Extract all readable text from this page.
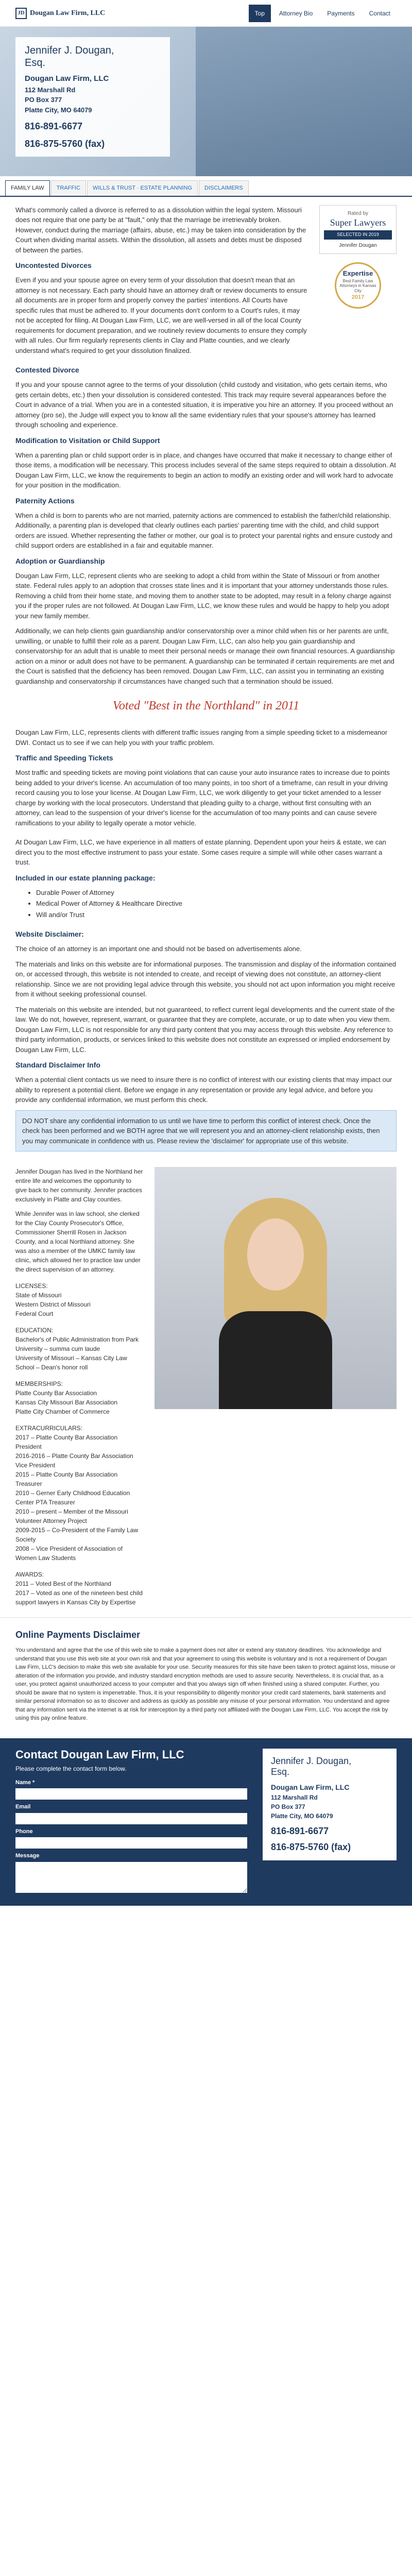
JD Dougan Law Firm, LLC	Top	Attorney Bio	Payments	Contact
Jennifer J. Dougan,
Esq.
Dougan Law Firm, LLC
112 Marshall Rd
PO Box 377
Platte City, MO 64079
816-891-6677
816-875-5760 (fax)
FAMILY LAW	TRAFFIC	WILLS & TRUST · ESTATE PLANNING	DISCLAIMERS
Rated by
Super Lawyers
SELECTED IN 2019
Jennifer Dougan
Expertise
Best Family Law Attorneys in Kansas City
2017

What's commonly called a divorce is referred to as a dissolution within the legal system. Missouri does not require that one party be at "fault," only that the marriage be irretrievably broken. However, conduct during the marriage (affairs, abuse, etc.) may be taken into consideration by the Court when dividing marital assets. Within the dissolution, all assets and debts must be disposed of between the parties.

Uncontested Divorces

Even if you and your spouse agree on every term of your dissolution that doesn't mean that an attorney is not necessary. Each party should have an attorney draft or review documents to ensure all documents are in proper form and properly convey the parties' intentions. All Courts have specific rules that must be adhered to. If your documents don't conform to a Court's rules, it may not be accepted for filing. At Dougan Law Firm, LLC, we are well-versed in all of the local County requirements for document preparation, and we routinely review documents to ensure they comply with all rules. Our firm regularly represents clients in Clay and Platte counties, and we clearly understand what's required to get your dissolution finalized.

Contested Divorce

If you and your spouse cannot agree to the terms of your dissolution (child custody and visitation, who gets certain items, who gets certain debts, etc.) then your dissolution is considered contested. This track may require several appearances before the Court in advance of a trial. When you are in a contested situation, it is imperative you hire an attorney. If you proceed without an attorney (pro se), the Judge will expect you to know all the same evidentiary rules that your spouse's attorney has learned through schooling and experience.

Modification to Visitation or Child Support

When a parenting plan or child support order is in place, and changes have occurred that make it necessary to change either of those items, a modification will be necessary. This process includes several of the same steps required to obtain a dissolution. At Dougan Law Firm, LLC, we know the requirements to begin an action to modify an existing order and will work hard to advocate for your position in the modification.

Paternity Actions

When a child is born to parents who are not married, paternity actions are commenced to establish the father/child relationship. Additionally, a parenting plan is developed that clearly outlines each parties' parenting time with the child, and child support orders are issued. Whether representing the father or mother, our goal is to protect your parental rights and ensure custody and child support orders are established in a fair and equitable manner.

Adoption or Guardianship

Dougan Law Firm, LLC, represent clients who are seeking to adopt a child from within the State of Missouri or from another state. Federal rules apply to an adoption that crosses state lines and it is important that your attorney understands those rules. Removing a child from their home state, and moving them to another state to be adopted, may result in a felony charge against you if the proper rules are not followed. At Dougan Law Firm, LLC, we know these rules and would be happy to help you adopt your new family member.

Additionally, we can help clients gain guardianship and/or conservatorship over a minor child when his or her parents are unfit, unwilling, or unable to fulfill their role as a parent. Dougan Law Firm, LLC, can also help you gain guardianship and conservatorship for an adult that is unable to meet their personal needs or manage their own financial resources. A guardianship action on a minor or adult does not have to be permanent. A guardianship can be terminated if certain requirements are met and the Court is satisfied that the deficiency has been removed. Dougan Law Firm, LLC, can assist you in terminating an existing guardianship and conservatorship if circumstances have changed such that a termination should be issued.

Voted "Best in the Northland" in 2011

Dougan Law Firm, LLC, represents clients with different traffic issues ranging from a simple speeding ticket to a misdemeanor DWI. Contact us to see if we can help you with your traffic problem.

Traffic and Speeding Tickets

Most traffic and speeding tickets are moving point violations that can cause your auto insurance rates to increase due to points being added to your driver's license. An accumulation of too many points, in too short of a timeframe, can result in your driving record causing you to lose your license. At Dougan Law Firm, LLC, we work diligently to get your ticket amended to a lesser charge by working with the local prosecutors. Understand that pleading guilty to a charge, without first consulting with an attorney, can lead to the suspension of your driver's license for the accumulation of too many points and can cause severe ramifications to your ability to legally operate a motor vehicle.

At Dougan Law Firm, LLC, we have experience in all matters of estate planning. Dependent upon your heirs & estate, we can direct you to the most effective instrument to pass your estate. Some cases require a simple will while other cases warrant a trust.

Included in our estate planning package:
• Durable Power of Attorney
• Medical Power of Attorney & Healthcare Directive
• Will and/or Trust
Website Disclaimer:

The choice of an attorney is an important one and should not be based on advertisements alone.

The materials and links on this website are for informational purposes. The transmission and display of the information contained on, or accessed through, this website is not intended to create, and receipt of viewing does not constitute, an attorney-client relationship. Since we are not providing legal advice through this website, you should not act upon information you might receive from it without seeking professional counsel.

The materials on this website are intended, but not guaranteed, to reflect current legal developments and the current state of the law. We do not, however, represent, warrant, or guarantee that they are complete, accurate, or up to date when you view them. Dougan Law Firm, LLC is not responsible for any third party content that you may access through this website. Any reference to third party information, products, or services linked to this website does not constitute an expressed or implied endorsement by Dougan Law Firm, LLC.

Standard Disclaimer Info

When a potential client contacts us we need to insure there is no conflict of interest with our existing clients that may impact our ability to represent a potential client. Before we engage in any representation or provide any legal advice, and before you provide any confidential information, we must perform this check.

DO NOT share any confidential information to us until we have time to perform this conflict of interest check. Once the check has been performed and we BOTH agree that we will represent you and an attorney-client relationship exists, then you may communicate in confidence with us. Please review the 'disclaimer' for appropriate use of this website.

Jennifer Dougan has lived in the Northland her entire life and welcomes the opportunity to give back to her community. Jennifer practices exclusively in Platte and Clay counties.

While Jennifer was in law school, she clerked for the Clay County Prosecutor's Office, Commissioner Sherrill Rosen in Jackson County, and a local Northland attorney. She was also a member of the UMKC family law clinic, which allowed her to practice law under the direct supervision of an attorney.

LICENSES:
State of Missouri
Western District of Missouri
Federal Court
EDUCATION:
Bachelor's of Public Administration from Park University – summa cum laude
University of Missouri – Kansas City Law School – Dean's honor roll
MEMBERSHIPS:
Platte County Bar Association
Kansas City Missouri Bar Association
Platte City Chamber of Commerce
EXTRACURRICULARS:
2017 – Platte County Bar Association President
2016-2016 – Platte County Bar Association Vice President
2015 – Platte County Bar Association Treasurer
2010 – Gerner Early Childhood Education Center PTA Treasurer
2010 – present – Member of the Missouri Volunteer Attorney Project
2009-2015 – Co-President of the Family Law Society
2008 – Vice President of Association of Women Law Students
AWARDS:
2011 – Voted Best of the Northland
2017 – Voted as one of the nineteen best child support lawyers in Kansas City by Expertise
Online Payments Disclaimer

You understand and agree that the use of this web site to make a payment does not alter or extend any statutory deadlines. You acknowledge and understand that you use this web site at your own risk and that your agreement to using this website is voluntary and is not a requirement of Dougan Law Firm, LLC's decision to make this web site available for your use. Security measures for this site have been taken to protect against loss, misuse or alteration of the information you provide, and industry standard encryption methods are used to assure security. Nevertheless, it is crucial that, as a user, you protect against unauthorized access to your computer and that you always sign off when finished using a shared computer. Further, you should be aware that no system is impenetrable. Thus, it is your responsibility to diligently monitor your credit card statements, bank statements and similar personal information so as to discover and address as quickly as possible any misuse of your personal information. You understand and agree that any information sent via the internet is at risk for interception by a third party not affiliated with the Dougan Law Firm, LLC. You accept the risk by using this pay online feature.

Contact Dougan Law Firm, LLC
Please complete the contact form below.
Name *
Email
Phone
Message
Jennifer J. Dougan,
Esq.
Dougan Law Firm, LLC
112 Marshall Rd
PO Box 377
Platte City, MO 64079
816-891-6677
816-875-5760 (fax)
